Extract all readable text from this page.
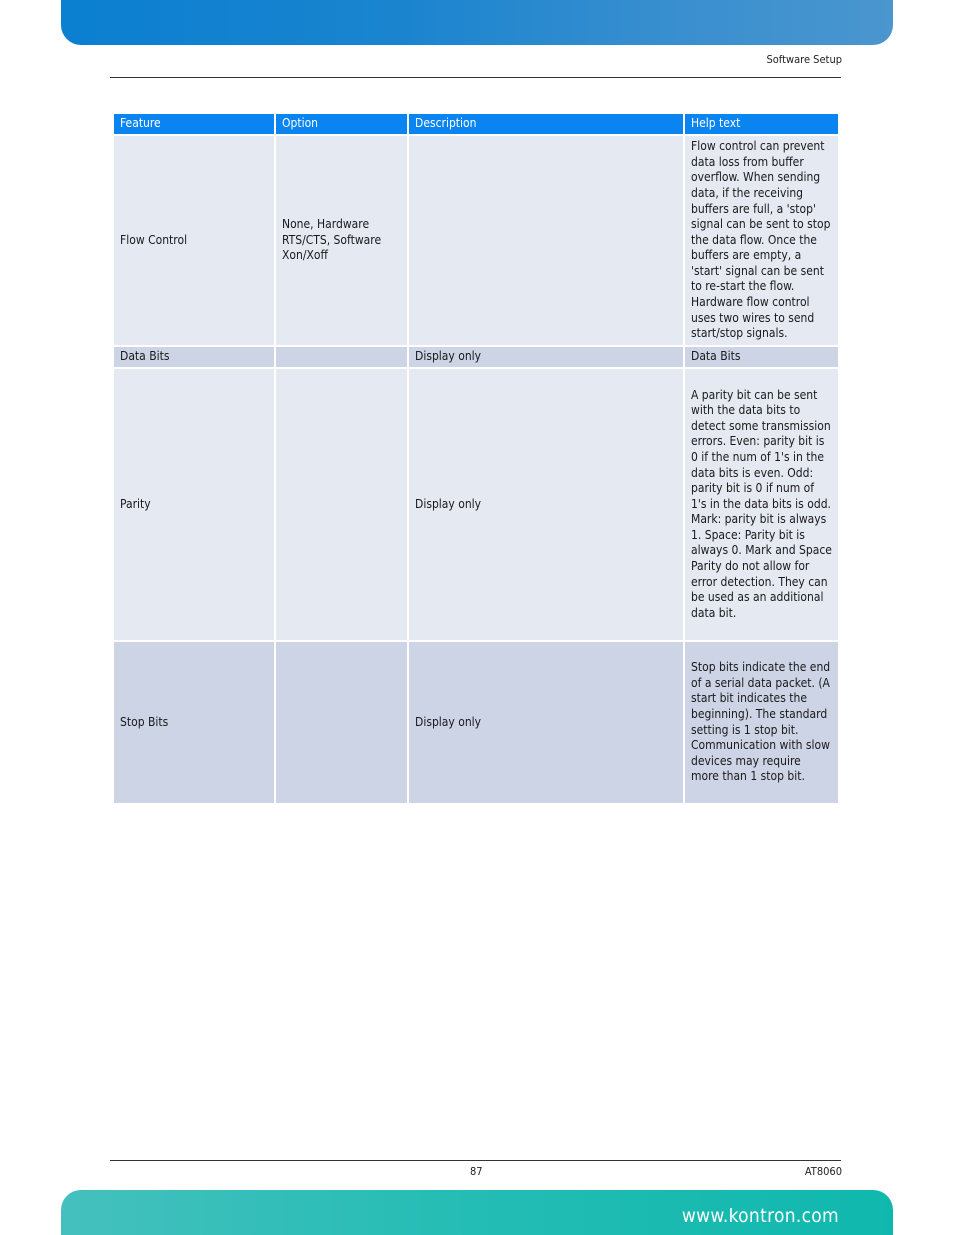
Software Setup
Feature	Option	Description	Help text
Flow Control	None, Hardware RTS/CTS, Software Xon/Xoff		Flow control can prevent data loss from buffer overflow. When sending data, if the receiving buffers are full, a 'stop' signal can be sent to stop the data flow. Once the buffers are empty, a 'start' signal can be sent to re-start the flow. Hardware flow control uses two wires to send start/stop signals.
Data Bits		Display only	Data Bits
Parity		Display only	A parity bit can be sent with the data bits to detect some transmission errors. Even: parity bit is 0 if the num of 1's in the data bits is even. Odd: parity bit is 0 if num of 1's in the data bits is odd. Mark: parity bit is always 1. Space: Parity bit is always 0. Mark and Space Parity do not allow for error detection. They can be used as an additional data bit.
Stop Bits		Display only	Stop bits indicate the end of a serial data packet. (A start bit indicates the beginning). The standard setting is 1 stop bit. Communication with slow devices may require more than 1 stop bit.
87	AT8060
www.kontron.com
